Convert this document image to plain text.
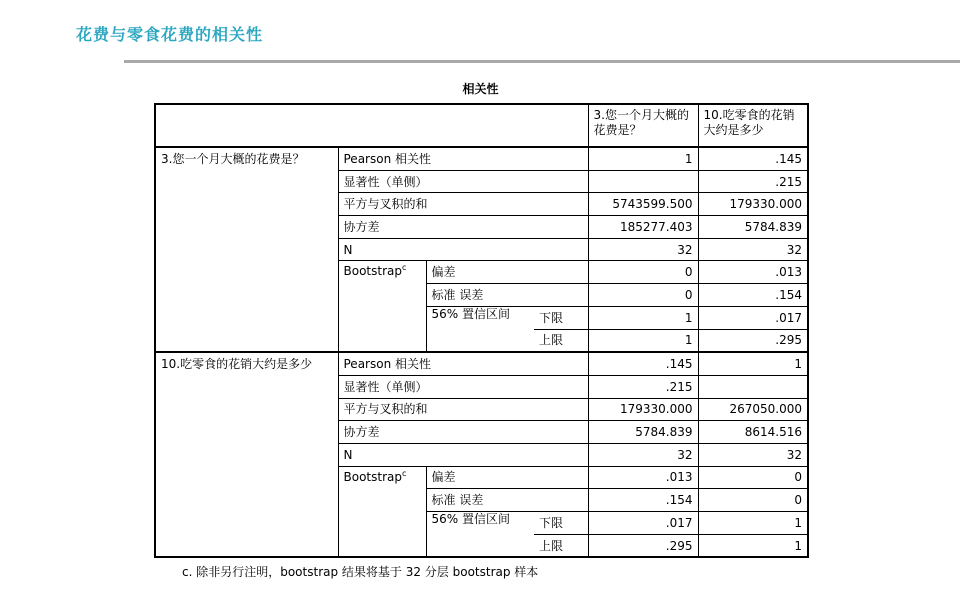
花费与零食花费的相关性
相关性
				3.您一个月大概的花费是？	10.吃零食的花销大约是多少
3.您一个月大概的花费是？	Pearson 相关性			1	.145
	显著性（单侧）				.215
	平方与叉积的和			5743599.500	179330.000
	协方差			185277.403	5784.839
	N			32	32
	Bootstrap$^c$	偏差		0	.013
		标准 误差		0	.154
		56% 置信区间	下限	1	.017
			上限	1	.295
10.吃零食的花销大约是多少	Pearson 相关性			.145	1
	显著性（单侧）			.215	
	平方与叉积的和			179330.000	267050.000
	协方差			5784.839	8614.516
	N			32	32
	Bootstrap$^c$	偏差		.013	0
		标准 误差		.154	0
		56% 置信区间	下限	.017	1
			上限	.295	1
c. 除非另行注明，bootstrap 结果将基于 32 分层 bootstrap 样本
